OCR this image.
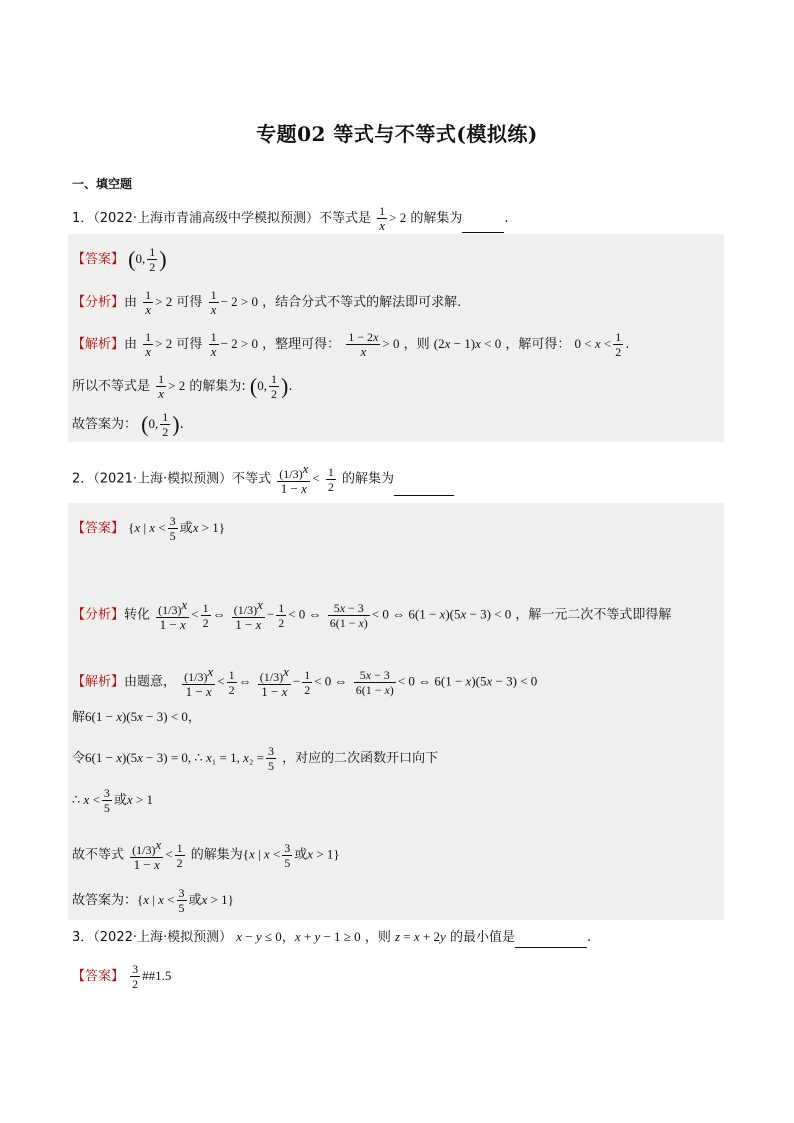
专题02 等式与不等式(模拟练)
一、填空题
1．（2022·上海市青浦高级中学模拟预测）不等式是 $\frac{1}{x} > 2$ 的解集为	.
【答案】 (0, $\frac{1}{2}$ )
【分析】由 $\frac{1}{x} > 2$ 可得 $\frac{1}{x} - 2 > 0$ ，结合分式不等式的解法即可求解.
【解析】由 $\frac{1}{x} > 2$ 可得 $\frac{1}{x} - 2 > 0$ ，整理可得： $\frac{1 - 2x}{x} > 0$ ，则 (2x − 1)x < 0 ，解可得： $0 < x < \frac{1}{2}$ .
所以不等式是 $\frac{1}{x} > 2$ 的解集为: (0, $\frac{1}{2}$ ).
故答案为： (0, $\frac{1}{2}$ ).
2．（2021·上海·模拟预测）不等式 $\frac{(1/3)^x}{1 - x} < \frac{1}{2}$ 的解集为
【答案】 {x | $x < \frac{3}{5}$ 或x > 1}
【分析】转化 $\frac{(1/3)^x}{1 - x} < \frac{1}{2}$ ⇔ $\frac{(1/3)^x}{1 - x} - \frac{1}{2} < 0$ ⇔ $\frac{5x - 3}{6(1 - x)} < 0$ ⇔ 6(1 − x)(5x − 3) < 0 ，解一元二次不等式即得解
【解析】由题意， $\frac{(1/3)^x}{1 - x} < \frac{1}{2}$ ⇔ $\frac{(1/3)^x}{1 - x} - \frac{1}{2} < 0$ ⇔ $\frac{5x - 3}{6(1 - x)} < 0$ ⇔ 6(1 − x)(5x − 3) < 0
解6(1 − x)(5x − 3) < 0，
令6(1 − x)(5x − 3) = 0, ∴ x₁ = 1, $x_2 = \frac{3}{5}$ ，对应的二次函数开口向下
∴ $x < \frac{3}{5}$ 或x > 1
故不等式 $\frac{(1/3)^x}{1 - x} < \frac{1}{2}$ 的解集为{x | $x < \frac{3}{5}$ 或x > 1}
故答案为：{x | $x < \frac{3}{5}$ 或x > 1}
3．（2022·上海·模拟预测） x − y ≤ 0，x + y − 1 ≥ 0 ，则 z = x + 2y 的最小值是	.
【答案】 $\frac{3}{2}$ ##1.5
